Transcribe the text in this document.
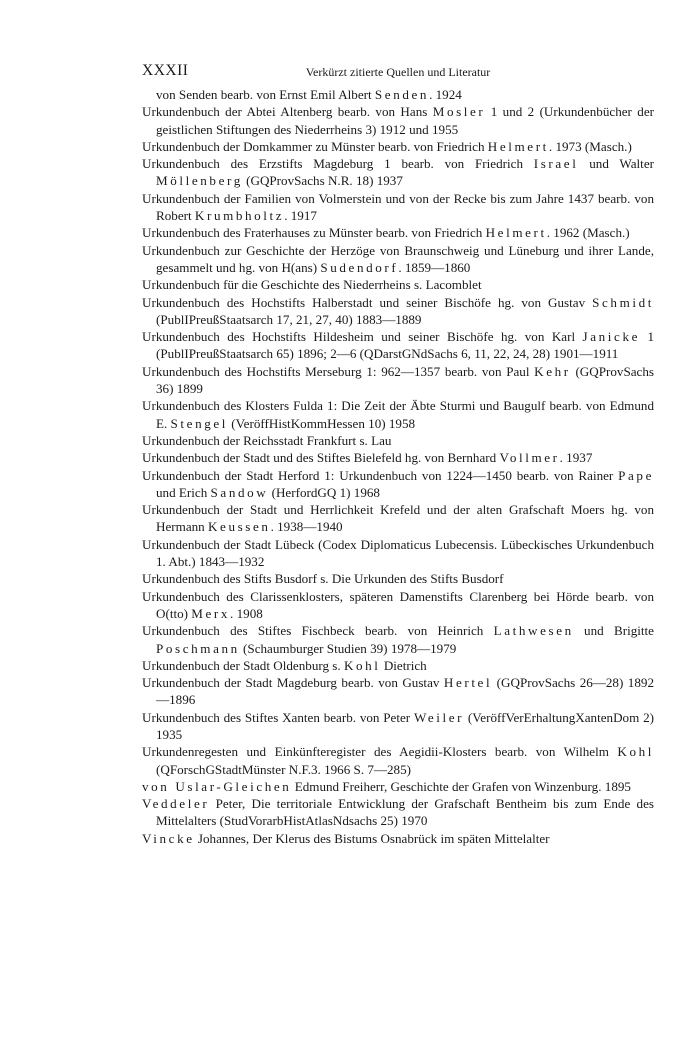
XXXII	Verkürzt zitierte Quellen und Literatur
von Senden bearb. von Ernst Emil Albert Senden. 1924
Urkundenbuch der Abtei Altenberg bearb. von Hans Mosler 1 und 2 (Urkundenbücher der geistlichen Stiftungen des Niederrheins 3) 1912 und 1955
Urkundenbuch der Domkammer zu Münster bearb. von Friedrich Helmert. 1973 (Masch.)
Urkundenbuch des Erzstifts Magdeburg 1 bearb. von Friedrich Israel und Walter Möllenberg (GQProvSachs N.R. 18) 1937
Urkundenbuch der Familien von Volmerstein und von der Recke bis zum Jahre 1437 bearb. von Robert Krumbholtz. 1917
Urkundenbuch des Fraterhauses zu Münster bearb. von Friedrich Helmert. 1962 (Masch.)
Urkundenbuch zur Geschichte der Herzöge von Braunschweig und Lüneburg und ihrer Lande, gesammelt und hg. von H(ans) Sudendorf. 1859—1860
Urkundenbuch für die Geschichte des Niederrheins s. Lacomblet
Urkundenbuch des Hochstifts Halberstadt und seiner Bischöfe hg. von Gustav Schmidt (PublIPreußStaatsarch 17, 21, 27, 40) 1883—1889
Urkundenbuch des Hochstifts Hildesheim und seiner Bischöfe hg. von Karl Janicke 1 (PublIPreußStaatsarch 65) 1896; 2—6 (QDarstGNdSachs 6, 11, 22, 24, 28) 1901—1911
Urkundenbuch des Hochstifts Merseburg 1: 962—1357 bearb. von Paul Kehr (GQProvSachs 36) 1899
Urkundenbuch des Klosters Fulda 1: Die Zeit der Äbte Sturmi und Baugulf bearb. von Edmund E. Stengel (VeröffHistKommHessen 10) 1958
Urkundenbuch der Reichsstadt Frankfurt s. Lau
Urkundenbuch der Stadt und des Stiftes Bielefeld hg. von Bernhard Vollmer. 1937
Urkundenbuch der Stadt Herford 1: Urkundenbuch von 1224—1450 bearb. von Rainer Pape und Erich Sandow (HerfordGQ 1) 1968
Urkundenbuch der Stadt und Herrlichkeit Krefeld und der alten Grafschaft Moers hg. von Hermann Keussen. 1938—1940
Urkundenbuch der Stadt Lübeck (Codex Diplomaticus Lubecensis. Lübeckisches Urkundenbuch 1. Abt.) 1843—1932
Urkundenbuch des Stifts Busdorf s. Die Urkunden des Stifts Busdorf
Urkundenbuch des Clarissenklosters, späteren Damenstifts Clarenberg bei Hörde bearb. von O(tto) Merx. 1908
Urkundenbuch des Stiftes Fischbeck bearb. von Heinrich Lathwesen und Brigitte Poschmann (Schaumburger Studien 39) 1978—1979
Urkundenbuch der Stadt Oldenburg s. Kohl Dietrich
Urkundenbuch der Stadt Magdeburg bearb. von Gustav Hertel (GQProvSachs 26—28) 1892—1896
Urkundenbuch des Stiftes Xanten bearb. von Peter Weiler (VeröffVerErhaltungXantenDom 2) 1935
Urkundenregesten und Einkünfteregister des Aegidii-Klosters bearb. von Wilhelm Kohl (QForschGStadtMünster N.F.3. 1966 S. 7—285)
von Uslar-Gleichen Edmund Freiherr, Geschichte der Grafen von Winzenburg. 1895
Veddeler Peter, Die territoriale Entwicklung der Grafschaft Bentheim bis zum Ende des Mittelalters (StudVorarbHistAtlasNdsachs 25) 1970
Vincke Johannes, Der Klerus des Bistums Osnabrück im späten Mittelalter
